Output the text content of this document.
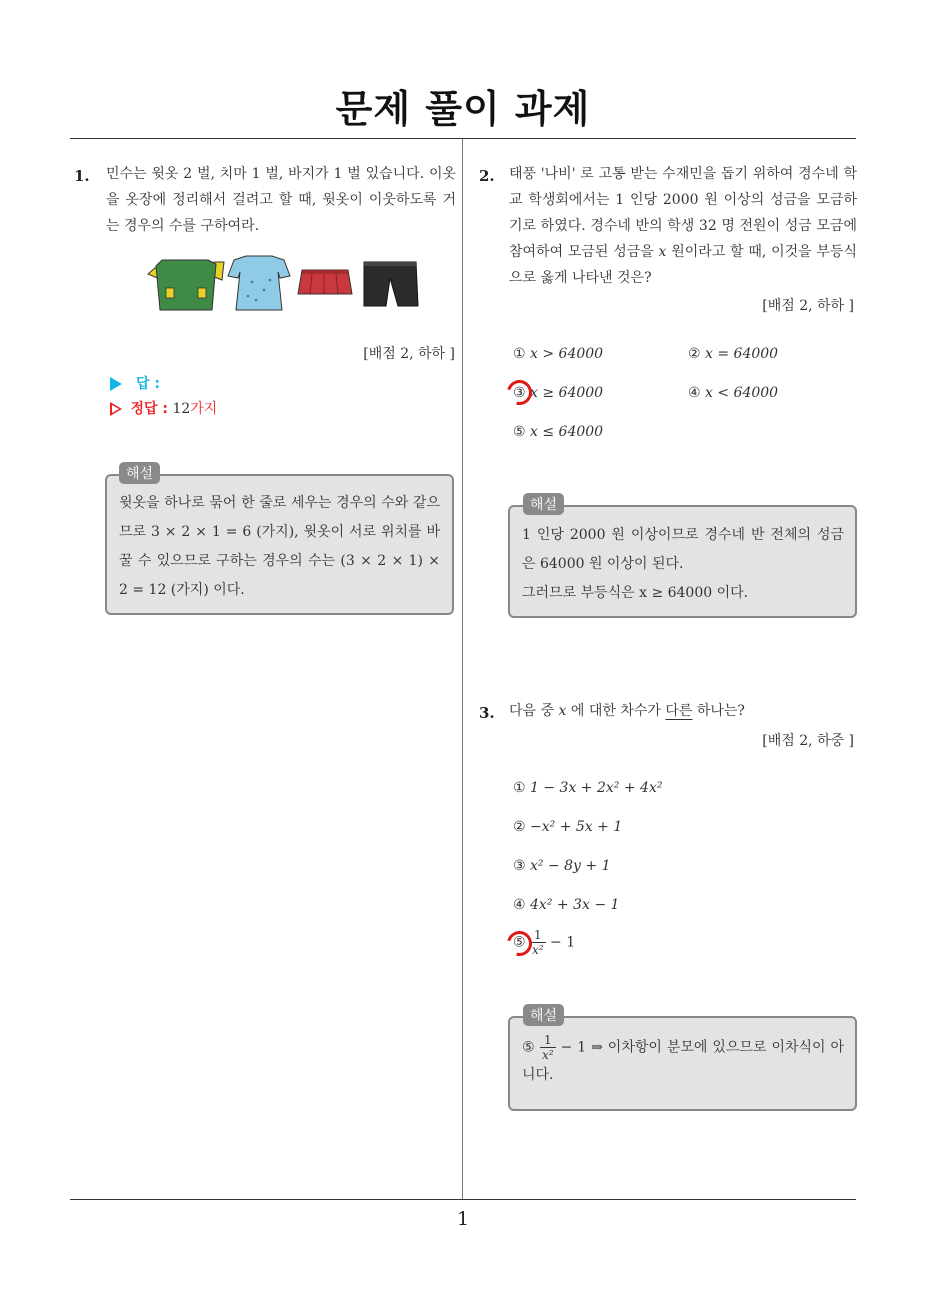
문제 풀이 과제
1. 민수는 윗옷 2 벌, 치마 1 벌, 바지가 1 벌 있습니다. 이옷을 옷장에 정리해서 걸려고 할 때, 윗옷이 이웃하도록 거는 경우의 수를 구하여라.
[배점 2, 하하 ]
답 :
정답 : 12가지
해설
윗옷을 하나로 묶어 한 줄로 세우는 경우의 수와 같으므로 3 × 2 × 1 = 6 (가지), 윗옷이 서로 위치를 바꿀 수 있으므로 구하는 경우의 수는 (3 × 2 × 1) × 2 = 12 (가지) 이다.
2. 태풍 '나비' 로 고통 받는 수재민을 돕기 위하여 경수네 학교 학생회에서는 1 인당 2000 원 이상의 성금을 모금하기로 하였다. 경수네 반의 학생 32 명 전원이 성금 모금에 참여하여 모금된 성금을 x 원이라고 할 때, 이것을 부등식으로 옳게 나타낸 것은?
[배점 2, 하하 ]
① x > 64000	② x = 64000
③ x ≥ 64000	④ x < 64000
⑤ x ≤ 64000
해설
1 인당 2000 원 이상이므로 경수네 반 전체의 성금은 64000 원 이상이 된다.
그러므로 부등식은 x ≥ 64000 이다.
3. 다음 중 x 에 대한 차수가 다른 하나는?
[배점 2, 하중 ]
① 1 − 3x + 2x² + 4x²
② −x² + 5x + 1
③ x² − 8y + 1
④ 4x² + 3x − 1
⑤ $\frac{1}{\text{x²}} - 1$
해설
⑤ $\frac{1}{\text{x²}} - 1$ ⇒ 이차항이 분모에 있으므로 이차식이 아니다.
1
